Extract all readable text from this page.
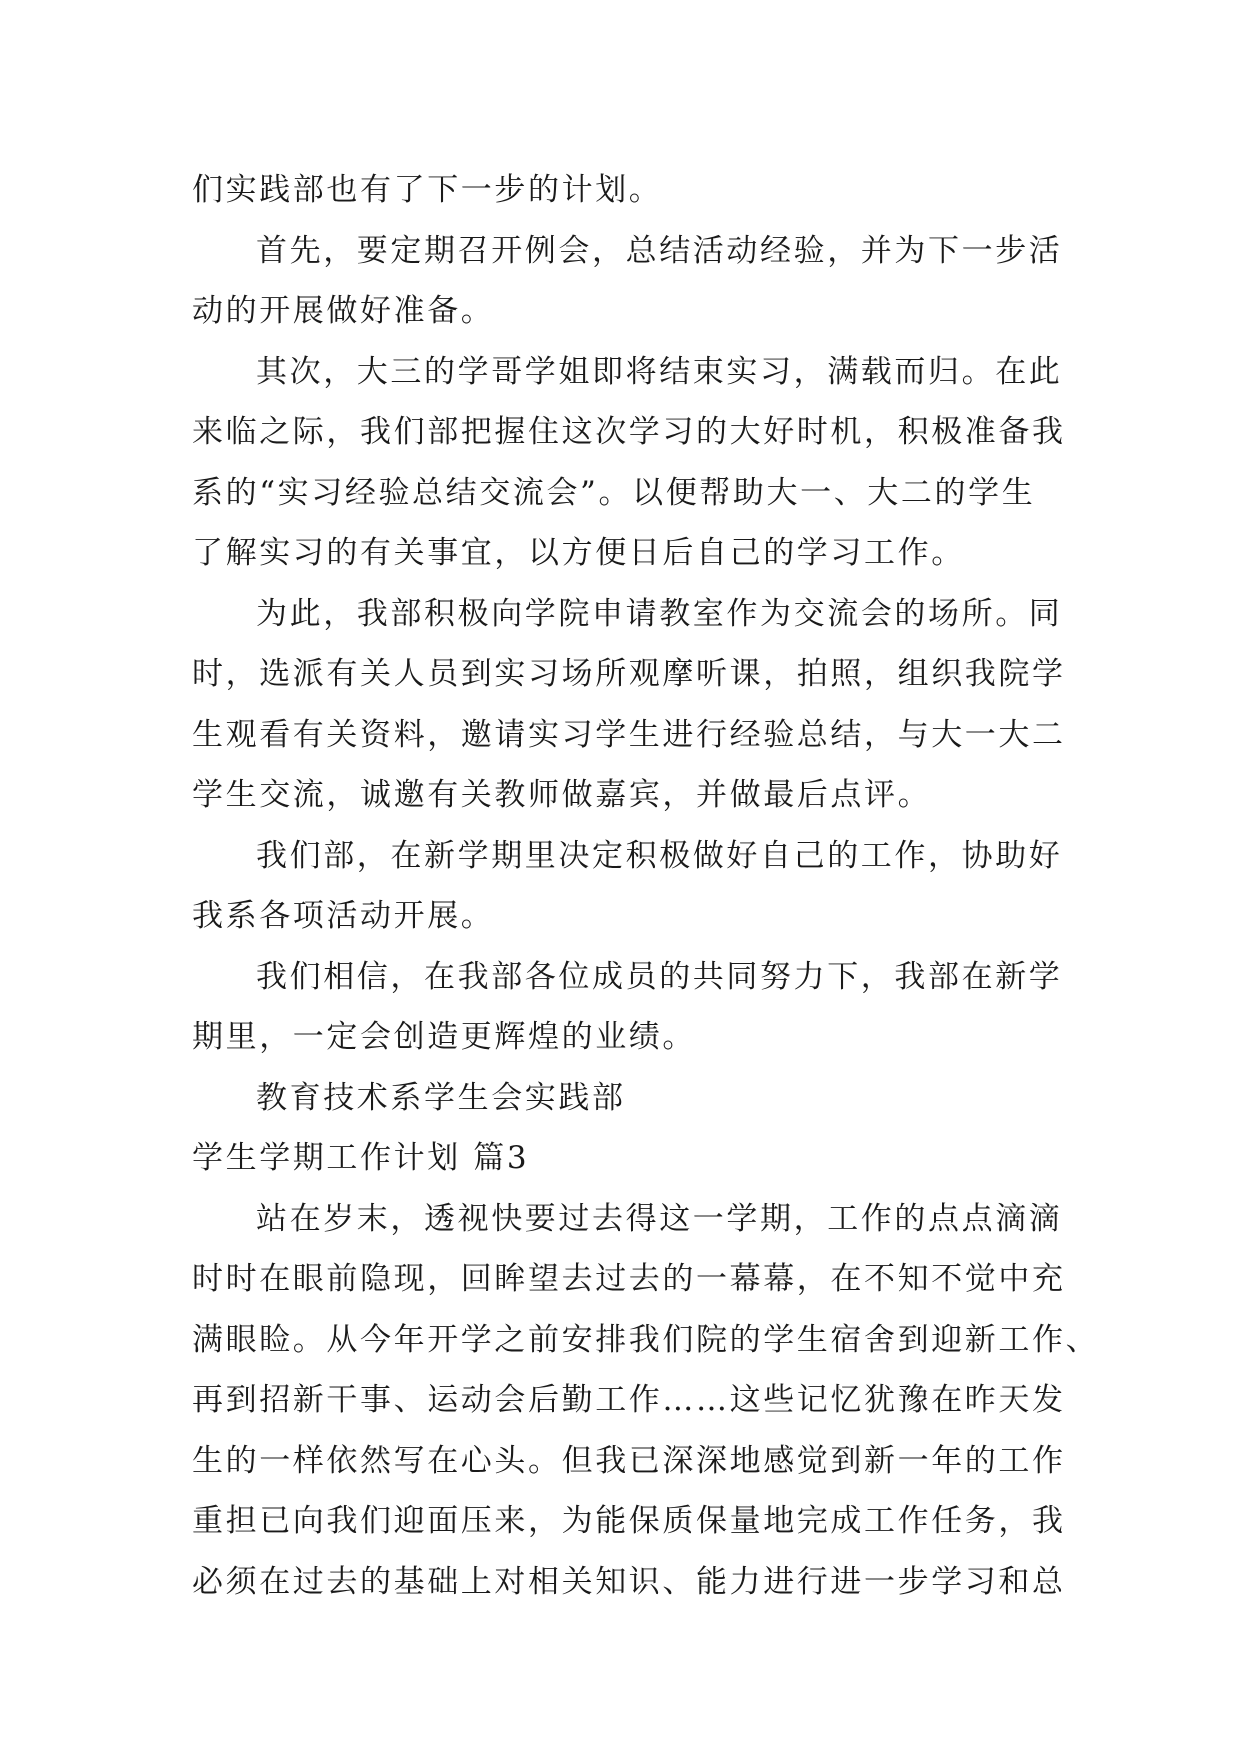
们实践部也有了下一步的计划。
首先，要定期召开例会，总结活动经验，并为下一步活
动的开展做好准备。
其次，大三的学哥学姐即将结束实习，满载而归。在此
来临之际，我们部把握住这次学习的大好时机，积极准备我
系的“实习经验总结交流会”。以便帮助大一、大二的学生
了解实习的有关事宜，以方便日后自己的学习工作。
为此，我部积极向学院申请教室作为交流会的场所。同
时，选派有关人员到实习场所观摩听课，拍照，组织我院学
生观看有关资料，邀请实习学生进行经验总结，与大一大二
学生交流，诚邀有关教师做嘉宾，并做最后点评。
我们部，在新学期里决定积极做好自己的工作，协助好
我系各项活动开展。
我们相信，在我部各位成员的共同努力下，我部在新学
期里，一定会创造更辉煌的业绩。
教育技术系学生会实践部
学生学期工作计划 篇3
站在岁末，透视快要过去得这一学期，工作的点点滴滴
时时在眼前隐现，回眸望去过去的一幕幕，在不知不觉中充
满眼睑。从今年开学之前安排我们院的学生宿舍到迎新工作、
再到招新干事、运动会后勤工作……这些记忆犹豫在昨天发
生的一样依然写在心头。但我已深深地感觉到新一年的工作
重担已向我们迎面压来，为能保质保量地完成工作任务，我
必须在过去的基础上对相关知识、能力进行进一步学习和总
